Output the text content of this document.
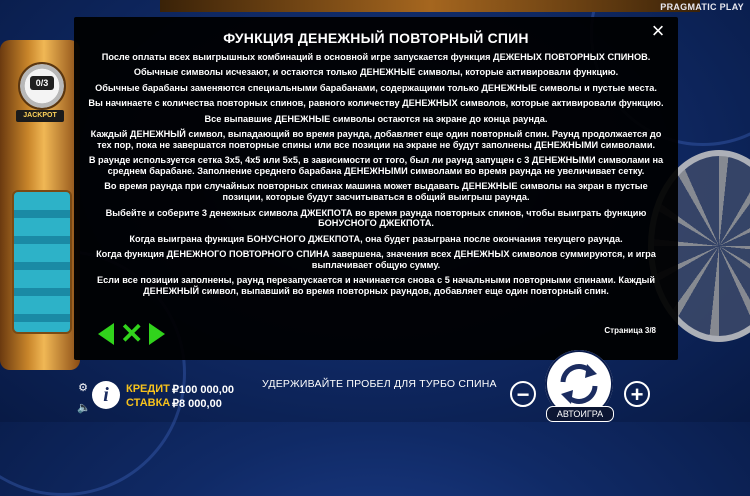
PRAGMATIC PLAY
0/3
JACKPOT
×
ФУНКЦИЯ ДЕНЕЖНЫЙ ПОВТОРНЫЙ СПИН

После оплаты всех выигрышных комбинаций в основной игре запускается функция ДЕЖЕНЫХ ПОВТОРНЫХ СПИНОВ.

Обычные символы исчезают, и остаются только ДЕНЕЖНЫЕ символы, которые активировали функцию.

Обычные барабаны заменяются специальными барабанами, содержащими только ДЕНЕЖНЫЕ символы и пустые места.

Вы начинаете с количества повторных спинов, равного количеству ДЕНЕЖНЫХ символов, которые активировали функцию.

Все выпавшие ДЕНЕЖНЫЕ символы остаются на экране до конца раунда.

Каждый ДЕНЕЖНЫЙ символ, выпадающий во время раунда, добавляет еще один повторный спин. Раунд продолжается до тех пор, пока не завершатся повторные спины или все позиции на экране не будут заполнены ДЕНЕЖНЫМИ символами.

В раунде используется сетка 3x5, 4x5 или 5x5, в зависимости от того, был ли раунд запущен с 3 ДЕНЕЖНЫМИ символами на среднем барабане. Заполнение среднего барабана ДЕНЕЖНЫМИ символами во время раунда не увеличивает сетку.

Во время раунда при случайных повторных спинах машина может выдавать ДЕНЕЖНЫЕ символы на экран в пустые позиции, которые будут засчитываться в общий выигрыш раунда.

Выбейте и соберите 3 денежных символа ДЖЕКПОТА во время раунда повторных спинов, чтобы выиграть функцию БОНУСНОГО ДЖЕКПОТА.

Когда выиграна функция БОНУСНОГО ДЖЕКПОТА, она будет разыграна после окончания текущего раунда.

Когда функция ДЕНЕЖНОГО ПОВТОРНОГО СПИНА завершена, значения всех ДЕНЕЖНЫХ символов суммируются, и игра выплачивает общую сумму.

Если все позиции заполнены, раунд перезапускается и начинается снова с 5 начальными повторными спинами. Каждый ДЕНЕЖНЫЙ символ, выпавший во время повторных раундов, добавляет еще один повторный спин.

Страница 3/8
✕
⚙
🔈
i	КРЕДИТ ₽100 000,00
СТАВКА ₽8 000,00
УДЕРЖИВАЙТЕ ПРОБЕЛ ДЛЯ ТУРБО СПИНА −
АВТОИГРА
+
